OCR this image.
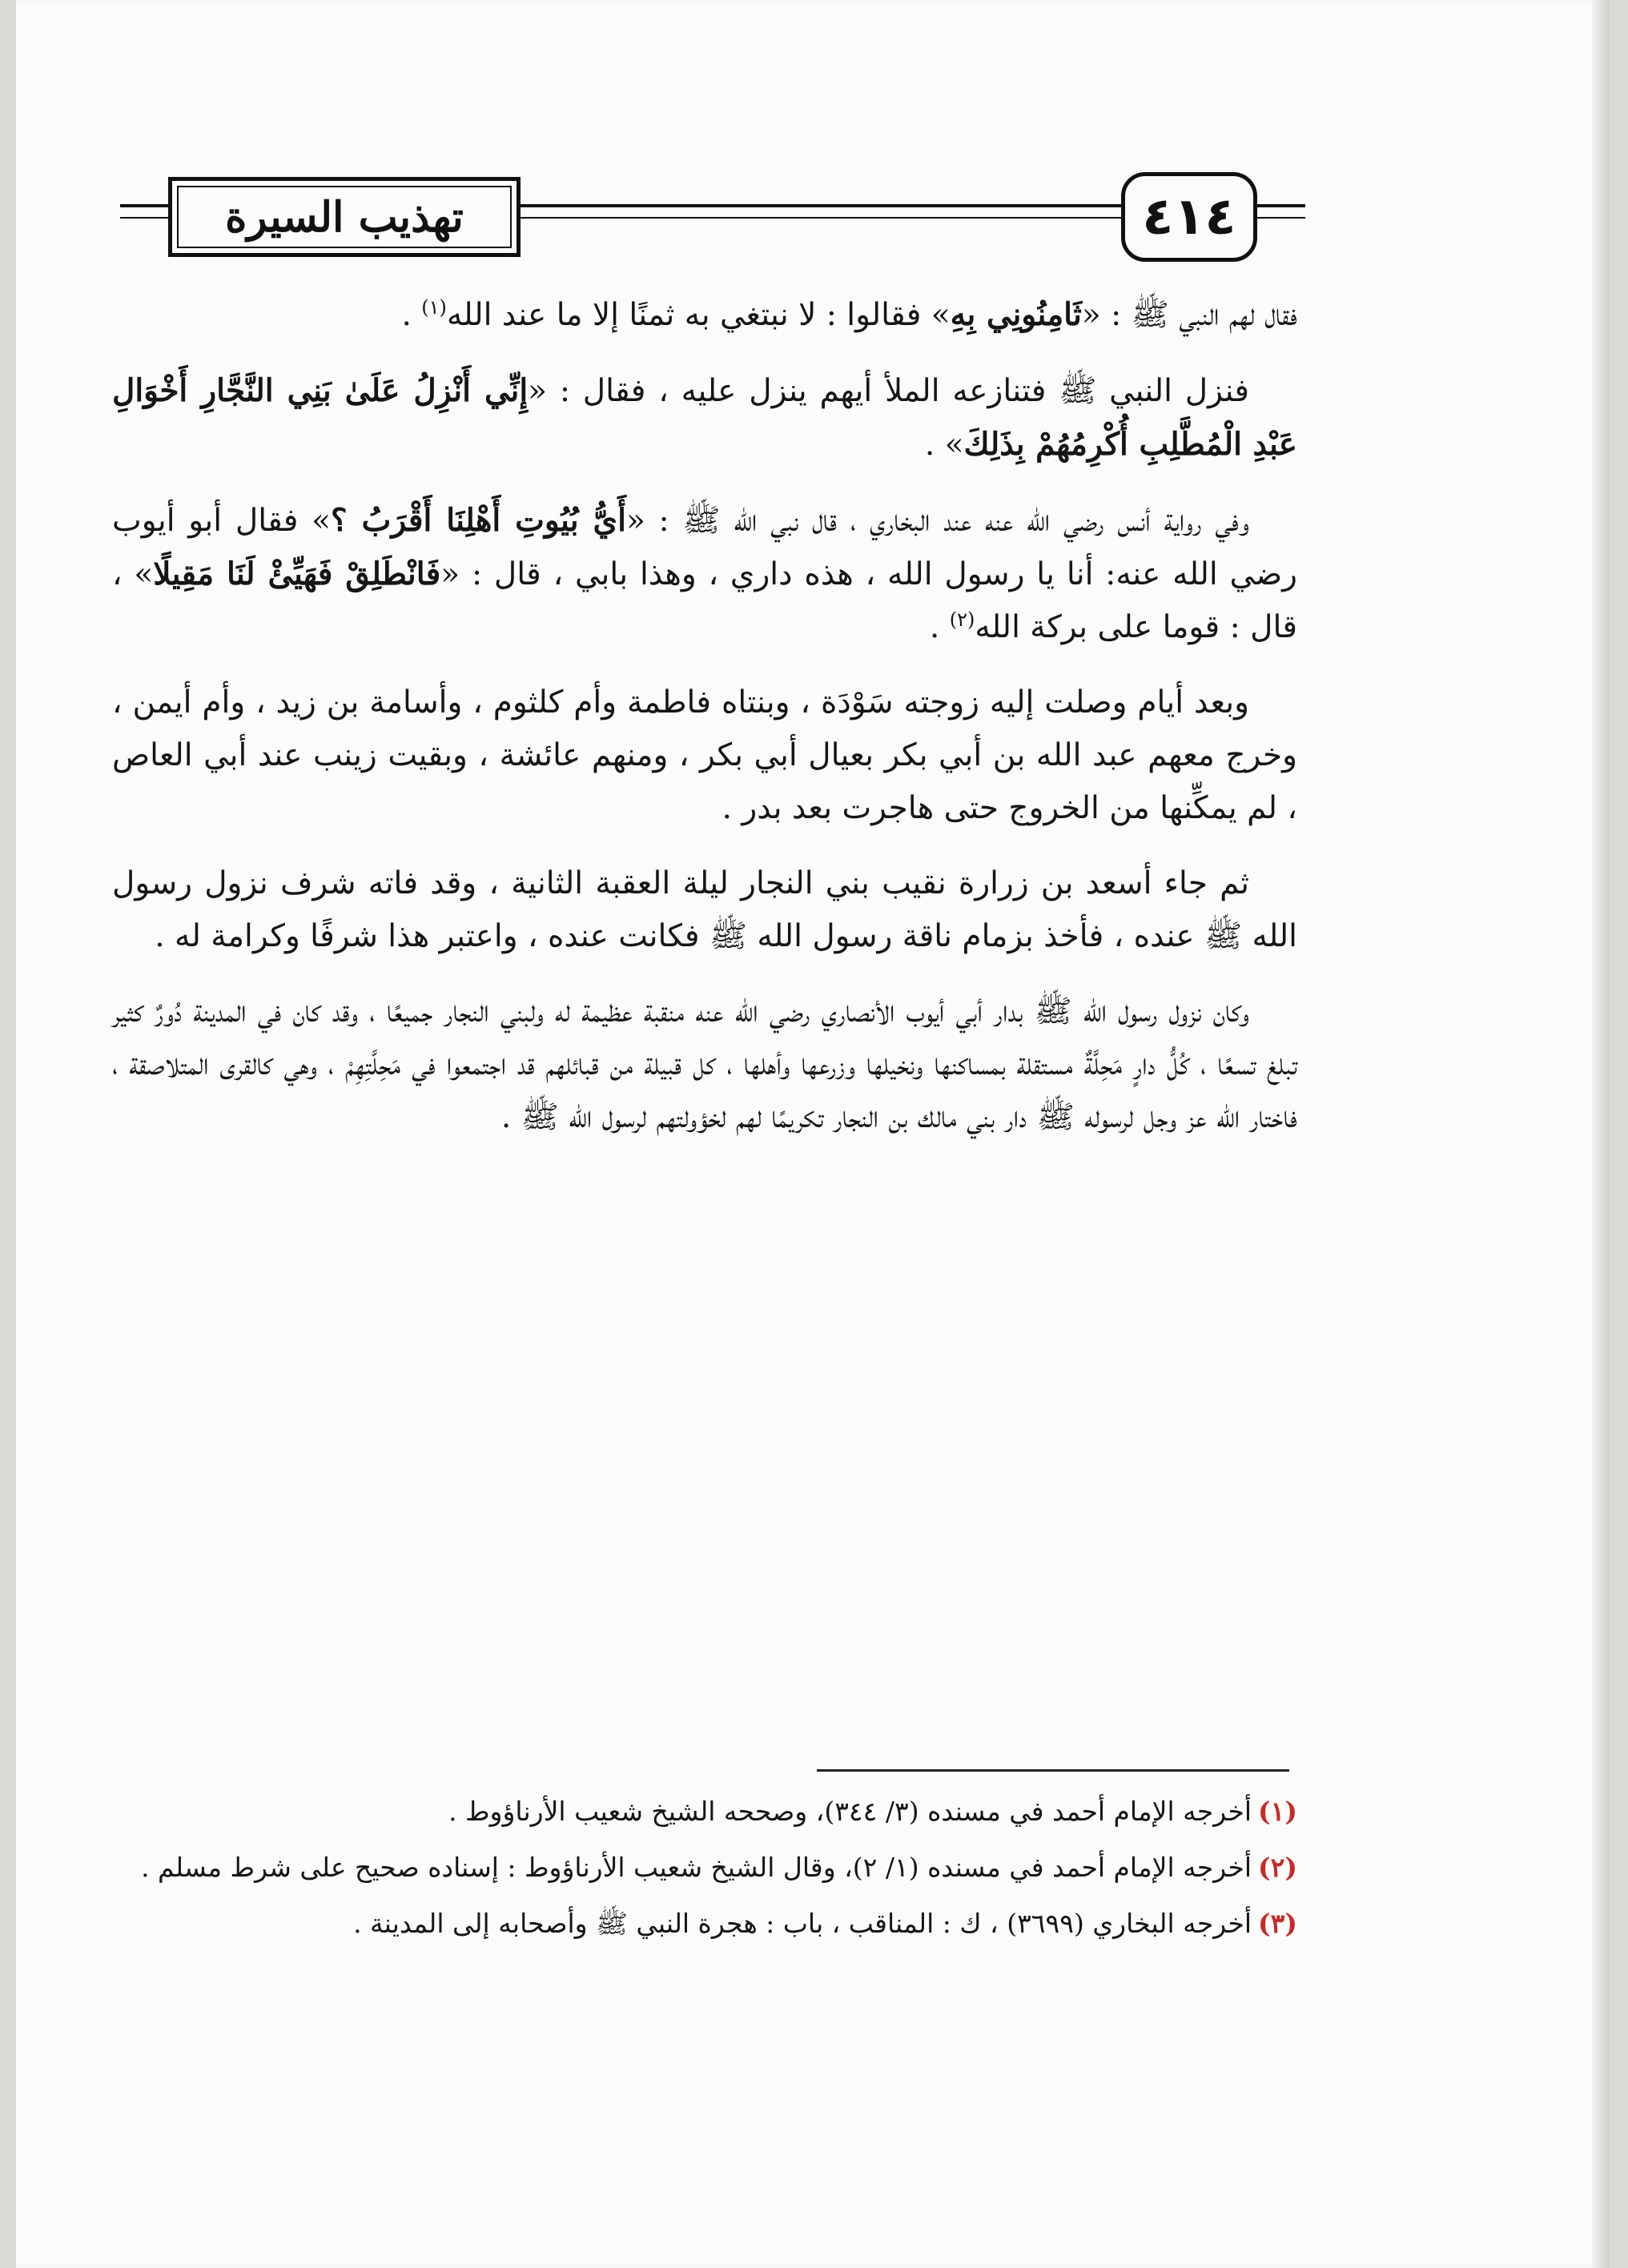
تهذيب السيرة	٤١٤

فقال لهم النبي ﷺ : «ثَامِنُونِي بِهِ» فقالوا : لا نبتغي به ثمنًا إلا ما عند الله$^{(١)}$ .

فنزل النبي ﷺ فتنازعه الملأ أيهم ينزل عليه ، فقال : «إِنِّي أَنْزِلُ عَلَىٰ بَنِي النَّجَّارِ أَخْوَالِ عَبْدِ الْمُطَّلِبِ أُكْرِمُهُمْ بِذَلِكَ» .

وفي رواية أنس رضي الله عنه عند البخاري ، قال نبي الله ﷺ : «أَيُّ بُيُوتِ أَهْلِنَا أَقْرَبُ ؟» فقال أبو أيوب رضي الله عنه: أنا يا رسول الله ، هذه داري ، وهذا بابي ، قال : «فَانْطَلِقْ فَهَيِّئْ لَنَا مَقِيلًا» ، قال : قوما على بركة الله$^{(٢)}$ .

وبعد أيام وصلت إليه زوجته سَوْدَة ، وبنتاه فاطمة وأم كلثوم ، وأسامة بن زيد ، وأم أيمن ، وخرج معهم عبد الله بن أبي بكر بعيال أبي بكر ، ومنهم عائشة ، وبقيت زينب عند أبي العاص ، لم يمكِّنها من الخروج حتى هاجرت بعد بدر .

ثم جاء أسعد بن زرارة نقيب بني النجار ليلة العقبة الثانية ، وقد فاته شرف نزول رسول الله ﷺ عنده ، فأخذ بزمام ناقة رسول الله ﷺ فكانت عنده ، واعتبر هذا شرفًا وكرامة له .

وكان نزول رسول الله ﷺ بدار أبي أيوب الأنصاري رضي الله عنه منقبة عظيمة له ولبني النجار جميعًا ، وقد كان في المدينة دُورٌ كثير تبلغ تسعًا ، كُلُّ دارٍ مَحِلَّةٌ مستقلة بمساكنها ونخيلها وزرعها وأهلها ، كل قبيلة من قبائلهم قد اجتمعوا في مَحِلَّتِهِمْ ، وهي كالقرى المتلاصقة ، فاختار الله عز وجل لرسوله ﷺ دار بني مالك بن النجار تكريمًا لهم لخؤولتهم لرسول الله ﷺ .

(١)أخرجه الإمام أحمد في مسنده (٣/ ٣٤٤)، وصححه الشيخ شعيب الأرناؤوط .

(٢)أخرجه الإمام أحمد في مسنده (١/ ٢)، وقال الشيخ شعيب الأرناؤوط : إسناده صحيح على شرط مسلم .

(٣)أخرجه البخاري (٣٦٩٩) ، ك : المناقب ، باب : هجرة النبي ﷺ وأصحابه إلى المدينة .
